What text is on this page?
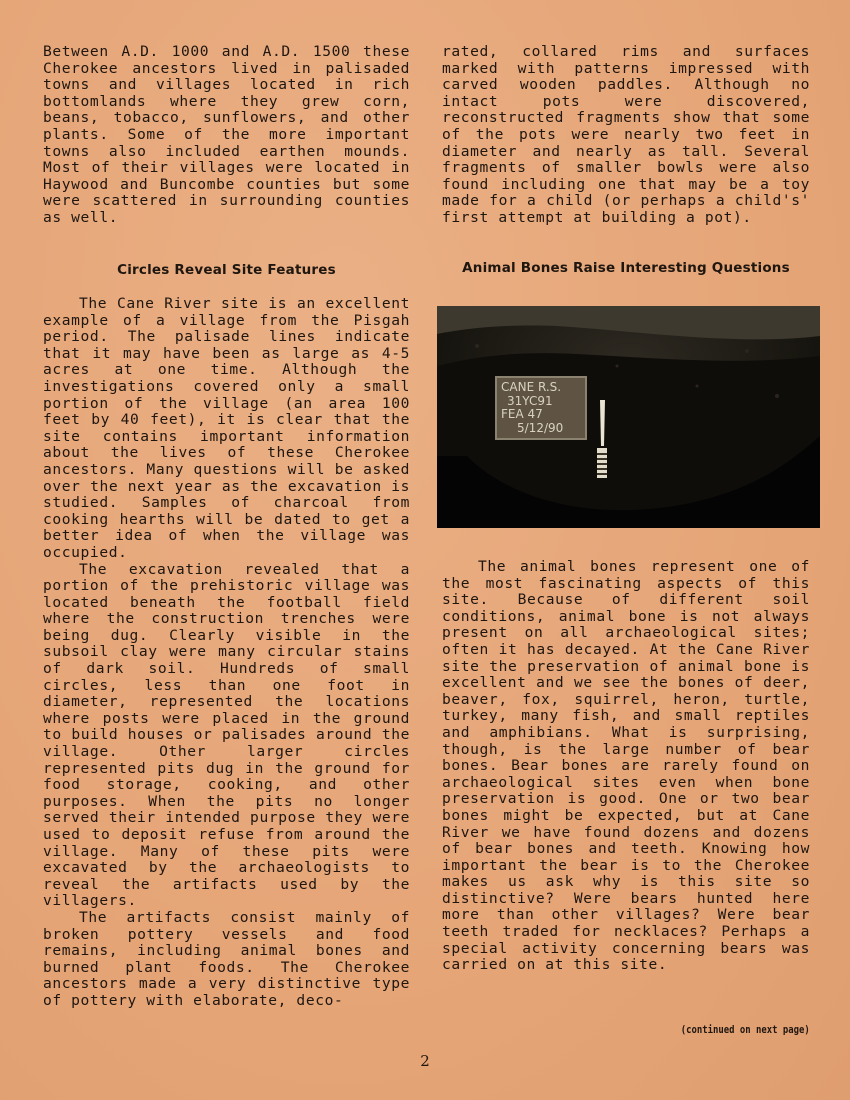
Between A.D. 1000 and A.D. 1500 these Cherokee ancestors lived in palisaded towns and villages located in rich bottomlands where they grew corn, beans, tobacco, sunflowers, and other plants. Some of the more important towns also included earthen mounds. Most of their villages were located in Haywood and Buncombe counties but some were scattered in surrounding counties as well.

Circles Reveal Site Features

The Cane River site is an excellent example of a village from the Pisgah period. The palisade lines indicate that it may have been as large as 4-5 acres at one time. Although the investigations covered only a small portion of the village (an area 100 feet by 40 feet), it is clear that the site contains important information about the lives of these Cherokee ancestors. Many questions will be asked over the next year as the excavation is studied. Samples of charcoal from cooking hearths will be dated to get a better idea of when the village was occupied.

The excavation revealed that a portion of the prehistoric village was located beneath the football field where the construction trenches were being dug. Clearly visible in the subsoil clay were many circular stains of dark soil. Hundreds of small circles, less than one foot in diameter, represented the locations where posts were placed in the ground to build houses or palisades around the village. Other larger circles represented pits dug in the ground for food storage, cooking, and other purposes. When the pits no longer served their intended purpose they were used to deposit refuse from around the village. Many of these pits were excavated by the archaeologists to reveal the artifacts used by the villagers.

The artifacts consist mainly of broken pottery vessels and food remains, including animal bones and burned plant foods. The Cherokee ancestors made a very distinctive type of pottery with elaborate, deco-

rated, collared rims and surfaces marked with patterns impressed with carved wooden paddles. Although no intact pots were discovered, reconstructed fragments show that some of the pots were nearly two feet in diameter and nearly as tall. Several fragments of smaller bowls were also found including one that may be a toy made for a child (or perhaps a child's' first attempt at building a pot).

Animal Bones Raise Interesting Questions
CANE R.S.
31YC91
FEA 47
5/12/90

The animal bones represent one of the most fascinating aspects of this site. Because of different soil conditions, animal bone is not always present on all archaeological sites; often it has decayed. At the Cane River site the preservation of animal bone is excellent and we see the bones of deer, beaver, fox, squirrel, heron, turtle, turkey, many fish, and small reptiles and amphibians. What is surprising, though, is the large number of bear bones. Bear bones are rarely found on archaeological sites even when bone preservation is good. One or two bear bones might be expected, but at Cane River we have found dozens and dozens of bear bones and teeth. Knowing how important the bear is to the Cherokee makes us ask why is this site so distinctive? Were bears hunted here more than other villages? Were bear teeth traded for necklaces? Perhaps a special activity concerning bears was carried on at this site.

(continued on next page)
2
